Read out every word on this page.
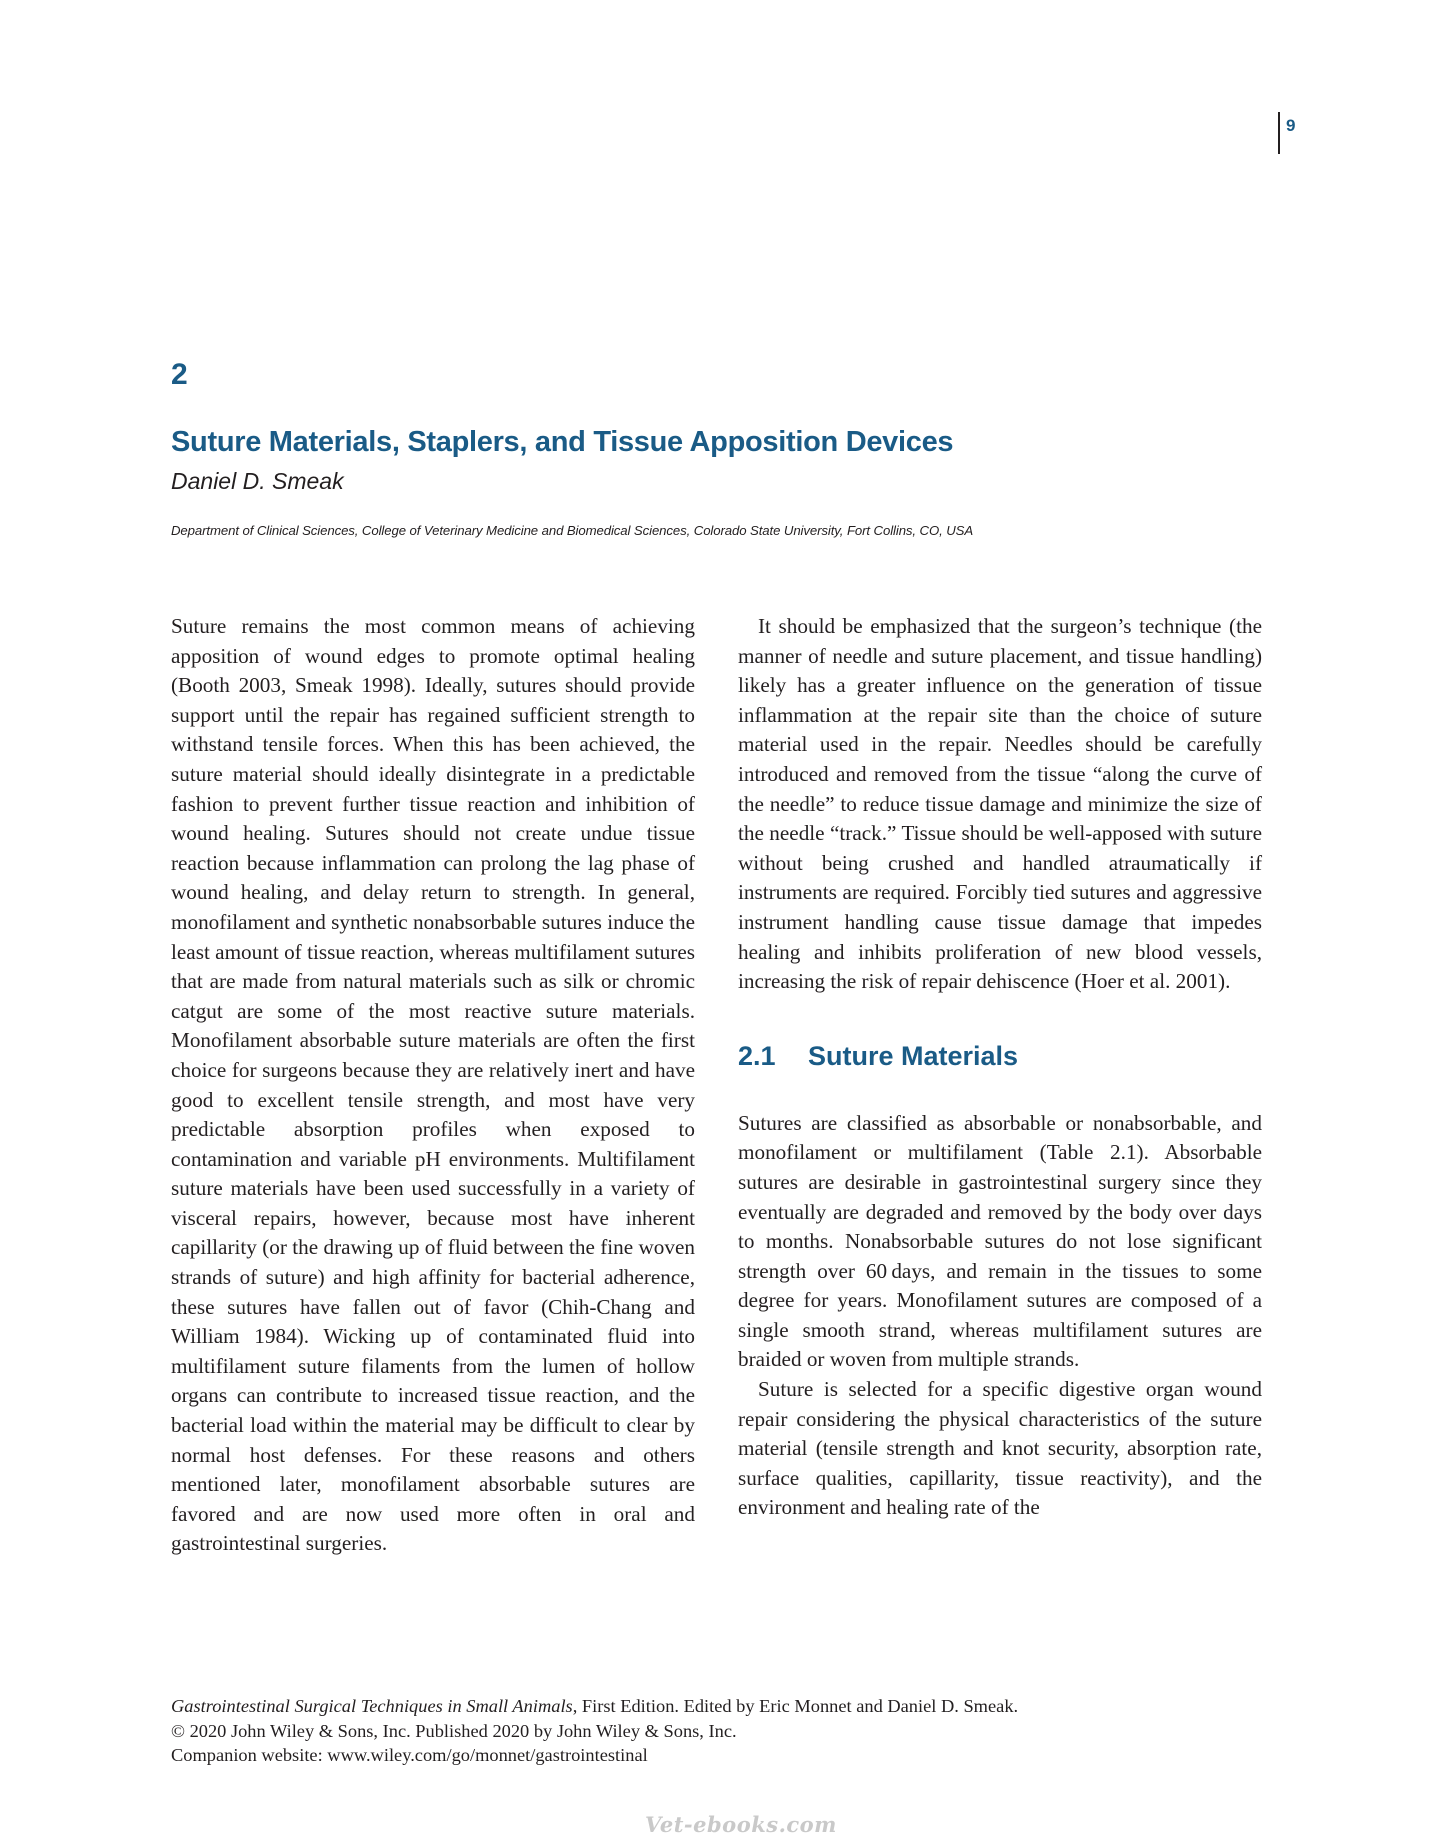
9
2
Suture Materials, Staplers, and Tissue Apposition Devices
Daniel D. Smeak
Department of Clinical Sciences, College of Veterinary Medicine and Biomedical Sciences, Colorado State University, Fort Collins, CO, USA

Suture remains the most common means of achieving apposition of wound edges to promote optimal healing (Booth 2003, Smeak 1998). Ideally, sutures should provide support until the repair has regained sufficient strength to withstand tensile forces. When this has been achieved, the suture material should ideally disintegrate in a predictable fashion to prevent further tissue reaction and inhibition of wound healing. Sutures should not create undue tissue reaction because inflammation can prolong the lag phase of wound healing, and delay return to strength. In general, monofilament and synthetic nonabsorbable sutures induce the least amount of tissue reaction, whereas multifilament sutures that are made from natural materials such as silk or chromic catgut are some of the most reactive suture materials. Monofilament absorbable suture materials are often the first choice for surgeons because they are relatively inert and have good to excellent tensile strength, and most have very predictable absorption profiles when exposed to contamination and variable pH environments. Multifilament suture materials have been used successfully in a variety of visceral repairs, however, because most have inherent capillarity (or the drawing up of fluid between the fine woven strands of suture) and high affinity for bacterial adherence, these sutures have fallen out of favor (Chih-Chang and William 1984). Wicking up of contaminated fluid into multifilament suture filaments from the lumen of hollow organs can contribute to increased tissue reaction, and the bacterial load within the material may be difficult to clear by normal host defenses. For these reasons and others mentioned later, monofilament absorbable sutures are favored and are now used more often in oral and gastrointestinal surgeries.

It should be emphasized that the surgeon’s technique (the manner of needle and suture placement, and tissue handling) likely has a greater influence on the generation of tissue inflammation at the repair site than the choice of suture material used in the repair. Needles should be carefully introduced and removed from the tissue “along the curve of the needle” to reduce tissue damage and minimize the size of the needle “track.” Tissue should be well-apposed with suture without being crushed and handled atraumatically if instruments are required. Forcibly tied sutures and aggressive instrument handling cause tissue damage that impedes healing and inhibits proliferation of new blood vessels, increasing the risk of repair dehiscence (Hoer et al. 2001).

2.1 Suture Materials

Sutures are classified as absorbable or nonabsorbable, and monofilament or multifilament (Table 2.1). Absorbable sutures are desirable in gastrointestinal surgery since they eventually are degraded and removed by the body over days to months. Nonabsorbable sutures do not lose significant strength over 60 days, and remain in the tissues to some degree for years. Monofilament sutures are composed of a single smooth strand, whereas multifilament sutures are braided or woven from multiple strands.

Suture is selected for a specific digestive organ wound repair considering the physical characteristics of the suture material (tensile strength and knot security, absorption rate, surface qualities, capillarity, tissue reactivity), and the environment and healing rate of the

Gastrointestinal Surgical Techniques in Small Animals, First Edition. Edited by Eric Monnet and Daniel D. Smeak.
© 2020 John Wiley & Sons, Inc. Published 2020 by John Wiley & Sons, Inc.
Companion website: www.wiley.com/go/monnet/gastrointestinal
Vet-ebooks.com
